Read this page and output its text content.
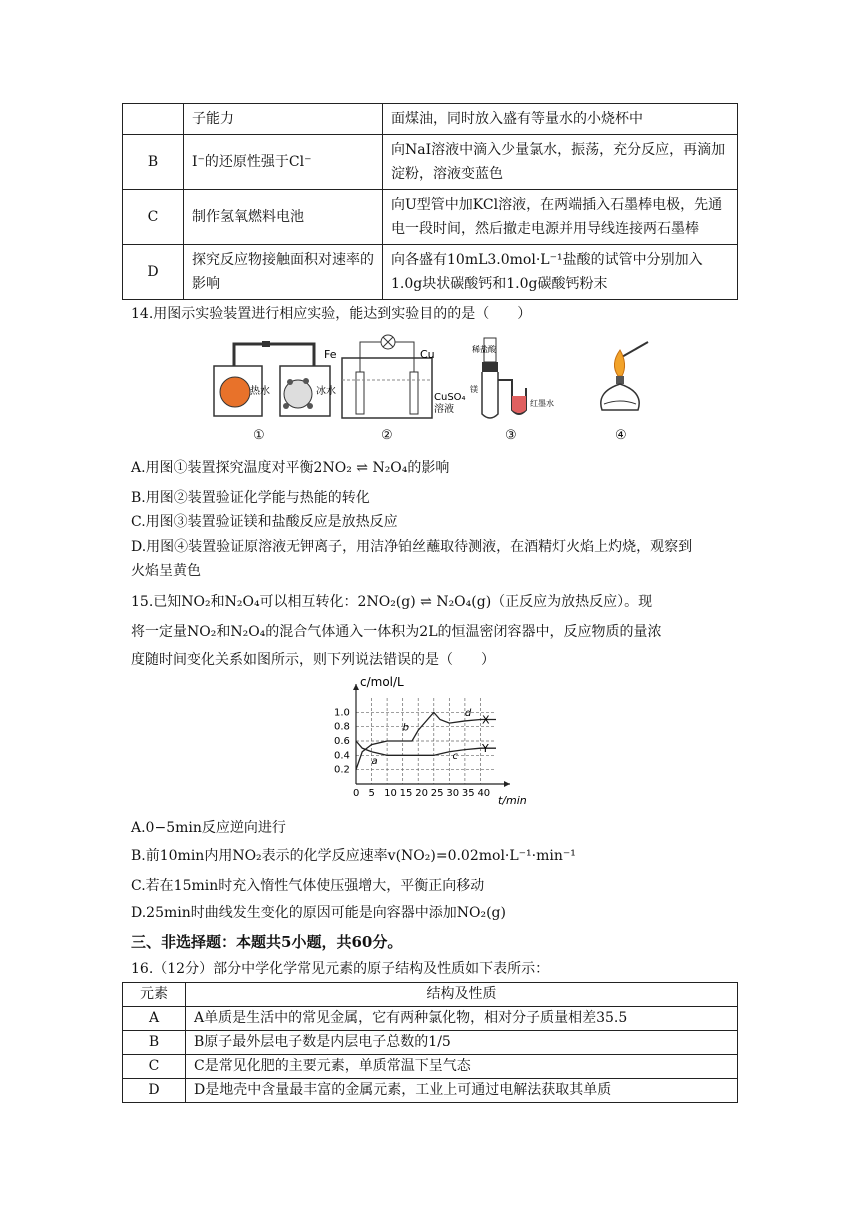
	子能力	面煤油，同时放入盛有等量水的小烧杯中
B	I⁻的还原性强于Cl⁻	向NaI溶液中滴入少量氯水，振荡，充分反应，再滴加淀粉，溶液变蓝色
C	制作氢氧燃料电池	向U型管中加KCl溶液，在两端插入石墨棒电极，先通电一段时间，然后撤走电源并用导线连接两石墨棒
D	探究反应物接触面积对速率的影响	向各盛有10mL3.0mol·L⁻¹盐酸的试管中分别加入1.0g块状碳酸钙和1.0g碳酸钙粉末
14.用图示实验装置进行相应实验，能达到实验目的的是（　　）
热水	冰水
①
Fe	Cu
CuSO₄
溶液
②
稀盐酸
镁
红墨水
③	④
A.用图①装置探究温度对平衡2NO₂ ⇌ N₂O₄的影响
B.用图②装置验证化学能与热能的转化
C.用图③装置验证镁和盐酸反应是放热反应
D.用图④装置验证原溶液无钾离子，用洁净铂丝蘸取待测液，在酒精灯火焰上灼烧，观察到
火焰呈黄色
15.已知NO₂和N₂O₄可以相互转化：2NO₂(g) ⇌ N₂O₄(g)（正反应为放热反应）。现
将一定量NO₂和N₂O₄的混合气体通入一体积为2L的恒温密闭容器中，反应物质的量浓
度随时间变化关系如图所示，则下列说法错误的是（　　）
c/mol/L
t/min
0 5 10 15 20 25 30 35 40
0.2
0.4
0.6
0.8
1.0
X
Y
a
b
c
d
A.0−5min反应逆向进行
B.前10min内用NO₂表示的化学反应速率v(NO₂)=0.02mol·L⁻¹·min⁻¹
C.若在15min时充入惰性气体使压强增大，平衡正向移动
D.25min时曲线发生变化的原因可能是向容器中添加NO₂(g)
三、非选择题：本题共5小题，共60分。
16.（12分）部分中学化学常见元素的原子结构及性质如下表所示：
元素	结构及性质
A	A单质是生活中的常见金属，它有两种氯化物，相对分子质量相差35.5
B	B原子最外层电子数是内层电子总数的1/5
C	C是常见化肥的主要元素，单质常温下呈气态
D	D是地壳中含量最丰富的金属元素，工业上可通过电解法获取其单质
